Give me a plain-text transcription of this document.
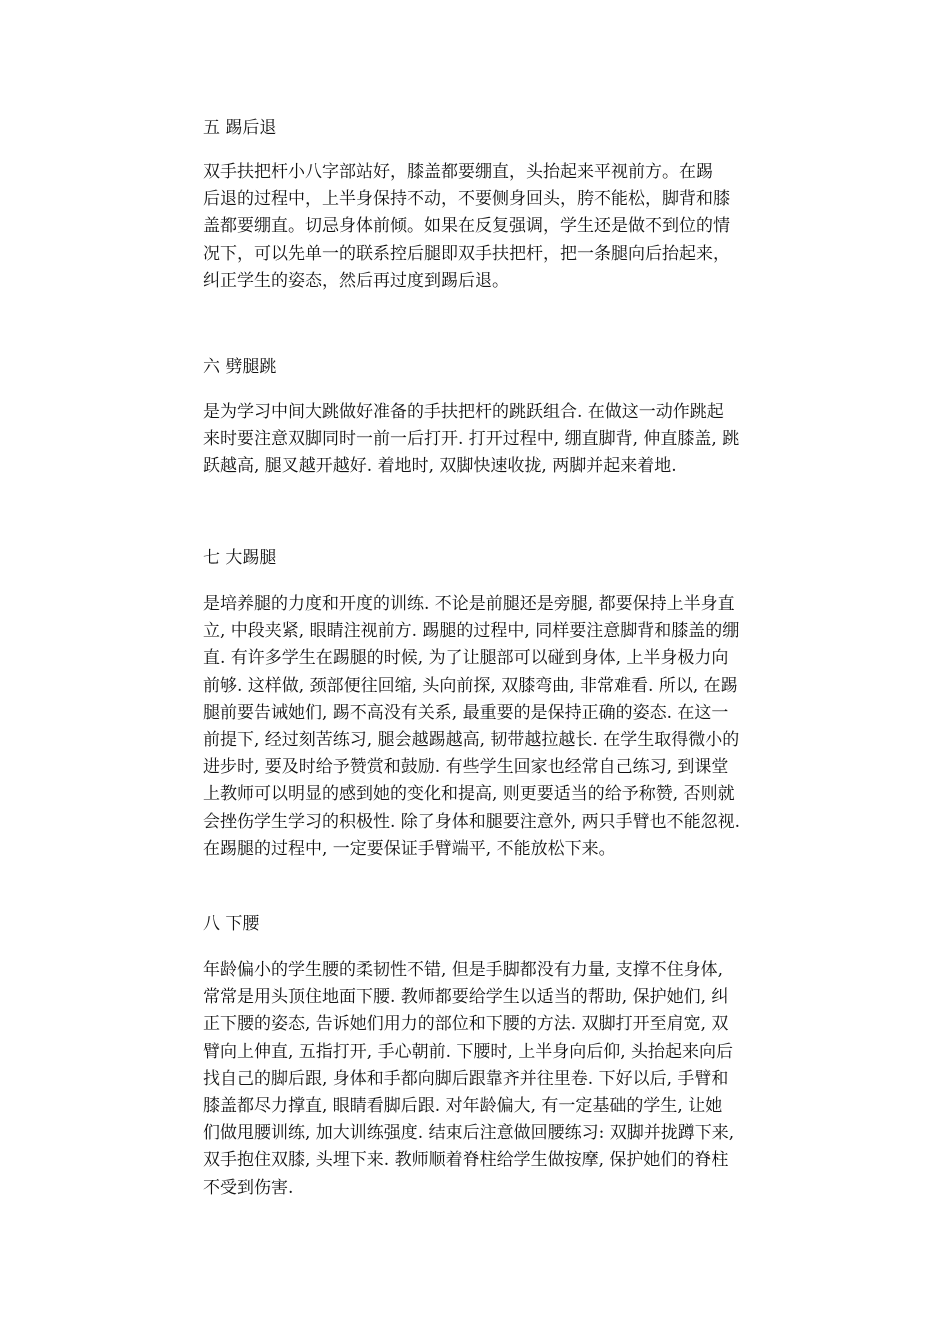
五 踢后退
双手扶把杆小八字部站好，膝盖都要绷直，头抬起来平视前方。在踢
后退的过程中，上半身保持不动，不要侧身回头，胯不能松，脚背和膝
盖都要绷直。切忌身体前倾。如果在反复强调，学生还是做不到位的情
况下，可以先单一的联系控后腿即双手扶把杆，把一条腿向后抬起来，
纠正学生的姿态，然后再过度到踢后退。
六 劈腿跳
是为学习中间大跳做好准备的手扶把杆的跳跃组合. 在做这一动作跳起
来时要注意双脚同时一前一后打开. 打开过程中, 绷直脚背, 伸直膝盖, 跳
跃越高, 腿叉越开越好. 着地时, 双脚快速收拢, 两脚并起来着地.
七 大踢腿
是培养腿的力度和开度的训练. 不论是前腿还是旁腿, 都要保持上半身直
立, 中段夹紧, 眼睛注视前方. 踢腿的过程中, 同样要注意脚背和膝盖的绷
直. 有许多学生在踢腿的时候, 为了让腿部可以碰到身体, 上半身极力向
前够. 这样做, 颈部便往回缩, 头向前探, 双膝弯曲, 非常难看. 所以, 在踢
腿前要告诫她们, 踢不高没有关系, 最重要的是保持正确的姿态. 在这一
前提下, 经过刻苦练习, 腿会越踢越高, 韧带越拉越长. 在学生取得微小的
进步时, 要及时给予赞赏和鼓励. 有些学生回家也经常自己练习, 到课堂
上教师可以明显的感到她的变化和提高, 则更要适当的给予称赞, 否则就
会挫伤学生学习的积极性. 除了身体和腿要注意外, 两只手臂也不能忽视.
在踢腿的过程中, 一定要保证手臂端平, 不能放松下来。
八 下腰
年龄偏小的学生腰的柔韧性不错, 但是手脚都没有力量, 支撑不住身体,
常常是用头顶住地面下腰. 教师都要给学生以适当的帮助, 保护她们, 纠
正下腰的姿态, 告诉她们用力的部位和下腰的方法. 双脚打开至肩宽, 双
臂向上伸直, 五指打开, 手心朝前. 下腰时, 上半身向后仰, 头抬起来向后
找自己的脚后跟, 身体和手都向脚后跟靠齐并往里卷. 下好以后, 手臂和
膝盖都尽力撑直, 眼睛看脚后跟. 对年龄偏大, 有一定基础的学生, 让她
们做甩腰训练, 加大训练强度. 结束后注意做回腰练习: 双脚并拢蹲下来,
双手抱住双膝, 头埋下来. 教师顺着脊柱给学生做按摩, 保护她们的脊柱
不受到伤害.
